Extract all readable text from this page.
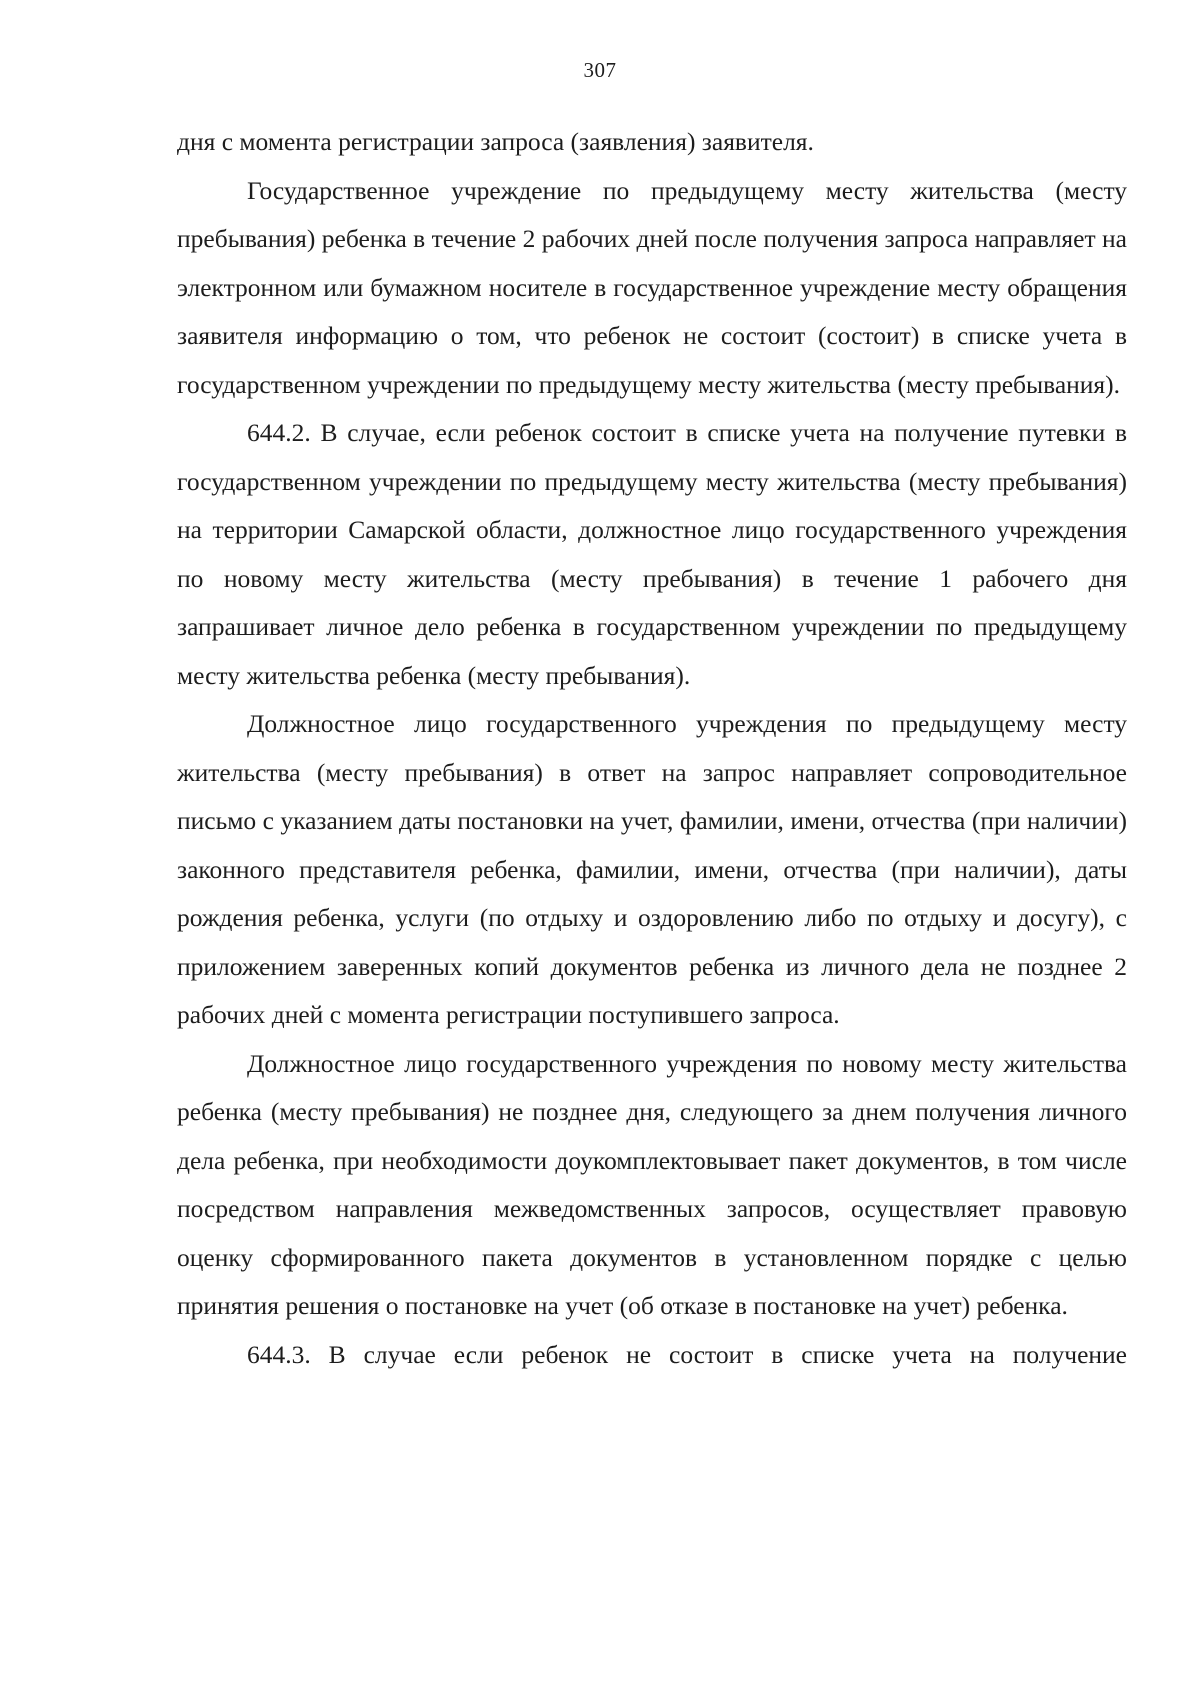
307

дня с момента регистрации запроса (заявления) заявителя.

Государственное учреждение по предыдущему месту жительства (месту пребывания) ребенка в течение 2 рабочих дней после получения запроса направляет на электронном или бумажном носителе в государственное учреждение месту обращения заявителя информацию о том, что ребенок не состоит (состоит) в списке учета в государственном учреждении по предыдущему месту жительства (месту пребывания).

644.2. В случае, если ребенок состоит в списке учета на получение путевки в государственном учреждении по предыдущему месту жительства (месту пребывания) на территории Самарской области, должностное лицо государственного учреждения по новому месту жительства (месту пребывания) в течение 1 рабочего дня запрашивает личное дело ребенка в государственном учреждении по предыдущему месту жительства ребенка (месту пребывания).

Должностное лицо государственного учреждения по предыдущему месту жительства (месту пребывания) в ответ на запрос направляет сопроводительное письмо с указанием даты постановки на учет, фамилии, имени, отчества (при наличии) законного представителя ребенка, фамилии, имени, отчества (при наличии), даты рождения ребенка, услуги (по отдыху и оздоровлению либо по отдыху и досугу), с приложением заверенных копий документов ребенка из личного дела не позднее 2 рабочих дней с момента регистрации поступившего запроса.

Должностное лицо государственного учреждения по новому месту жительства ребенка (месту пребывания) не позднее дня, следующего за днем получения личного дела ребенка, при необходимости доукомплектовывает пакет документов, в том числе посредством направления межведомственных запросов, осуществляет правовую оценку сформированного пакета документов в установленном порядке с целью принятия решения о постановке на учет (об отказе в постановке на учет) ребенка.

644.3. В случае если ребенок не состоит в списке учета на получение
